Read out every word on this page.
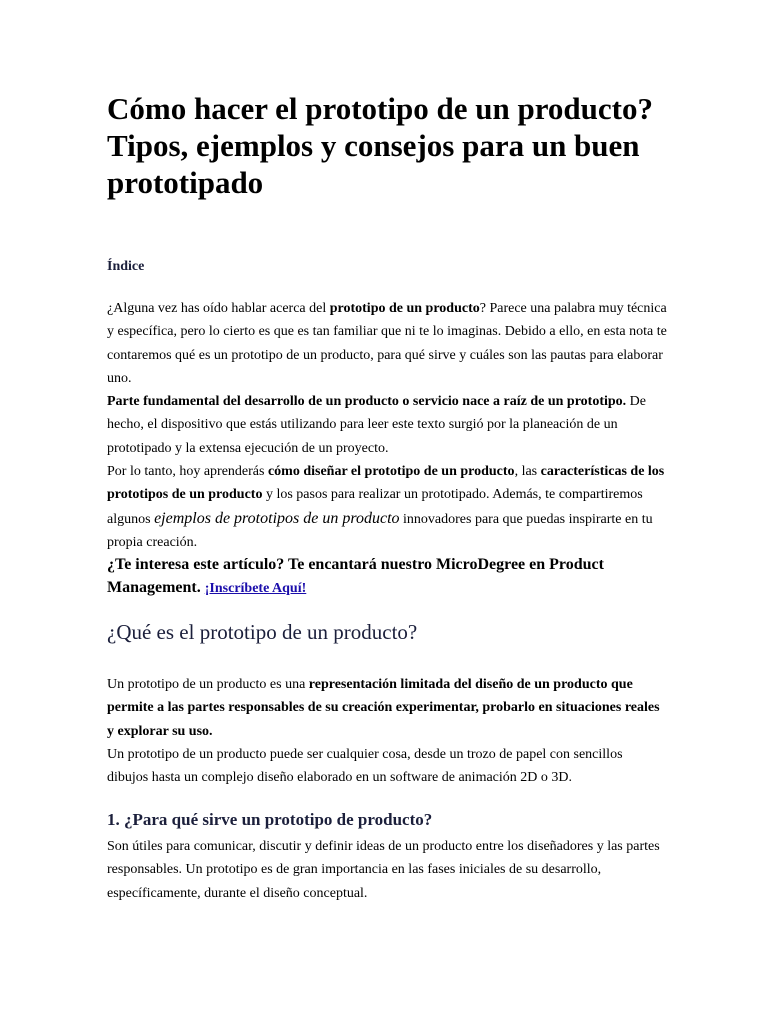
Cómo hacer el prototipo de un producto? Tipos, ejemplos y consejos para un buen prototipado
Índice

¿Alguna vez has oído hablar acerca del prototipo de un producto? Parece una palabra muy técnica y específica, pero lo cierto es que es tan familiar que ni te lo imaginas. Debido a ello, en esta nota te contaremos qué es un prototipo de un producto, para qué sirve y cuáles son las pautas para elaborar uno.

Parte fundamental del desarrollo de un producto o servicio nace a raíz de un prototipo. De hecho, el dispositivo que estás utilizando para leer este texto surgió por la planeación de un prototipado y la extensa ejecución de un proyecto.

Por lo tanto, hoy aprenderás cómo diseñar el prototipo de un producto, las características de los prototipos de un producto y los pasos para realizar un prototipado. Además, te compartiremos algunos ejemplos de prototipos de un producto innovadores para que puedas inspirarte en tu propia creación.

¿Te interesa este artículo? Te encantará nuestro MicroDegree en Product Management. ¡Inscríbete Aquí!

¿Qué es el prototipo de un producto?

Un prototipo de un producto es una representación limitada del diseño de un producto que permite a las partes responsables de su creación experimentar, probarlo en situaciones reales y explorar su uso.

Un prototipo de un producto puede ser cualquier cosa, desde un trozo de papel con sencillos dibujos hasta un complejo diseño elaborado en un software de animación 2D o 3D.

1. ¿Para qué sirve un prototipo de producto?

Son útiles para comunicar, discutir y definir ideas de un producto entre los diseñadores y las partes responsables. Un prototipo es de gran importancia en las fases iniciales de su desarrollo, específicamente, durante el diseño conceptual.
